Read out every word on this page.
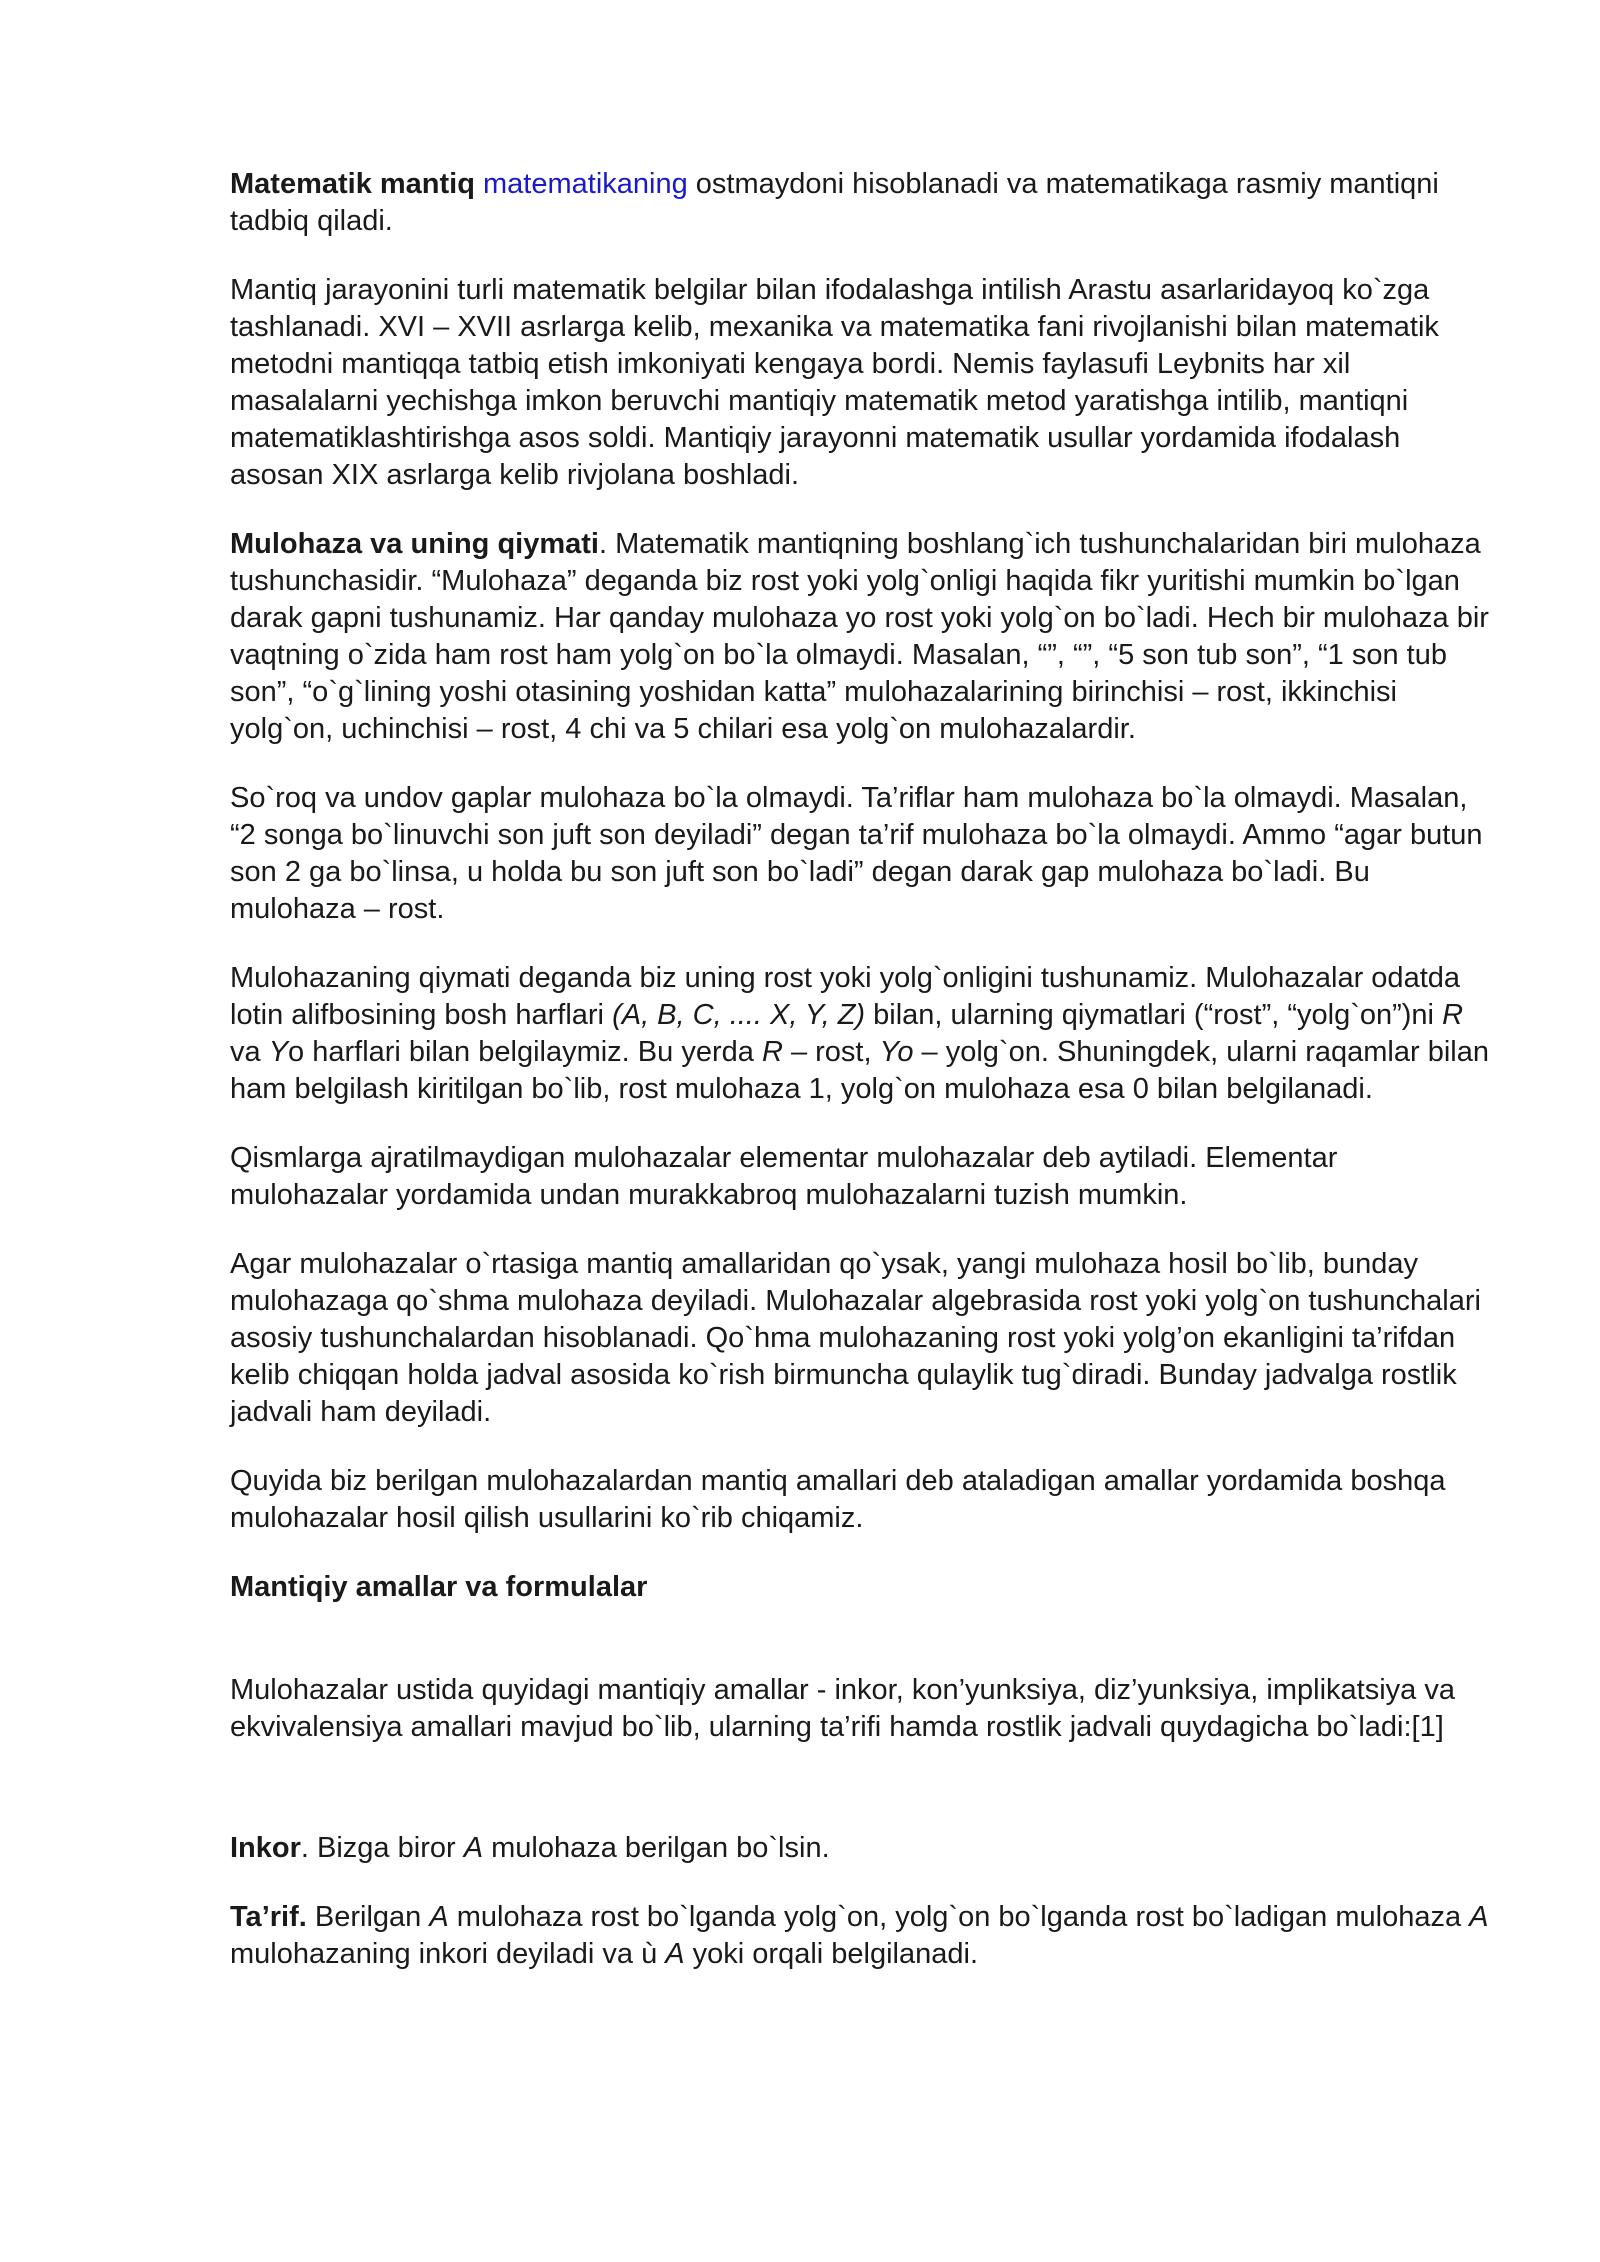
Matematik mantiq matematikaning ostmaydoni hisoblanadi va matematikaga rasmiy mantiqni tadbiq qiladi.

Mantiq jarayonini turli matematik belgilar bilan ifodalashga intilish Arastu asarlaridayoq ko`zga tashlanadi. XVI – XVII asrlarga kelib, mexanika va matematika fani rivojlanishi bilan matematik metodni mantiqqa tatbiq etish imkoniyati kengaya bordi. Nemis faylasufi Leybnits har xil masalalarni yechishga imkon beruvchi mantiqiy matematik metod yaratishga intilib, mantiqni matematiklashtirishga asos soldi. Mantiqiy jarayonni matematik usullar yordamida ifodalash asosan XIX asrlarga kelib rivjolana boshladi.

Mulohaza va uning qiymati. Matematik mantiqning boshlang`ich tushunchalaridan biri mulohaza tushunchasidir. “Mulohaza” deganda biz rost yoki yolg`onligi haqida fikr yuritishi mumkin bo`lgan darak gapni tushunamiz. Har qanday mulohaza yo rost yoki yolg`on bo`ladi. Hech bir mulohaza bir vaqtning o`zida ham rost ham yolg`on bo`la olmaydi. Masalan, “”, “”, “5 son tub son”, “1 son tub son”, “o`g`lining yoshi otasining yoshidan katta” mulohazalarining birinchisi – rost, ikkinchisi yolg`on, uchinchisi – rost, 4 chi va 5 chilari esa yolg`on mulohazalardir.

So`roq va undov gaplar mulohaza bo`la olmaydi. Ta’riflar ham mulohaza bo`la olmaydi. Masalan, “2 songa bo`linuvchi son juft son deyiladi” degan ta’rif mulohaza bo`la olmaydi. Ammo “agar butun son 2 ga bo`linsa, u holda bu son juft son bo`ladi” degan darak gap mulohaza bo`ladi. Bu mulohaza – rost.

Mulohazaning qiymati deganda biz uning rost yoki yolg`onligini tushunamiz. Mulohazalar odatda lotin alifbosining bosh harflari (A, B, C, .... X, Y, Z) bilan, ularning qiymatlari (“rost”, “yolg`on”)ni R va Yo harflari bilan belgilaymiz. Bu yerda R – rost, Yo – yolg`on. Shuningdek, ularni raqamlar bilan ham belgilash kiritilgan bo`lib, rost mulohaza 1, yolg`on mulohaza esa 0 bilan belgilanadi.

Qismlarga ajratilmaydigan mulohazalar elementar mulohazalar deb aytiladi. Elementar mulohazalar yordamida undan murakkabroq mulohazalarni tuzish mumkin.

Agar mulohazalar o`rtasiga mantiq amallaridan qo`ysak, yangi mulohaza hosil bo`lib, bunday mulohazaga qo`shma mulohaza deyiladi. Mulohazalar algebrasida rost yoki yolg`on tushunchalari asosiy tushunchalardan hisoblanadi. Qo`hma mulohazaning rost yoki yolg’on ekanligini ta’rifdan kelib chiqqan holda jadval asosida ko`rish birmuncha qulaylik tug`diradi. Bunday jadvalga rostlik jadvali ham deyiladi.

Quyida biz berilgan mulohazalardan mantiq amallari deb ataladigan amallar yordamida boshqa mulohazalar hosil qilish usullarini ko`rib chiqamiz.

Mantiqiy amallar va formulalar

Mulohazalar ustida quyidagi mantiqiy amallar - inkor, kon’yunksiya, diz’yunksiya, implikatsiya va ekvivalensiya amallari mavjud bo`lib, ularning ta’rifi hamda rostlik jadvali quydagicha bo`ladi:[1]

Inkor. Bizga biror A mulohaza berilgan bo`lsin.

Ta’rif. Berilgan A mulohaza rost bo`lganda yolg`on, yolg`on bo`lganda rost bo`ladigan mulohaza A mulohazaning inkori deyiladi va ù A yoki orqali belgilanadi.
